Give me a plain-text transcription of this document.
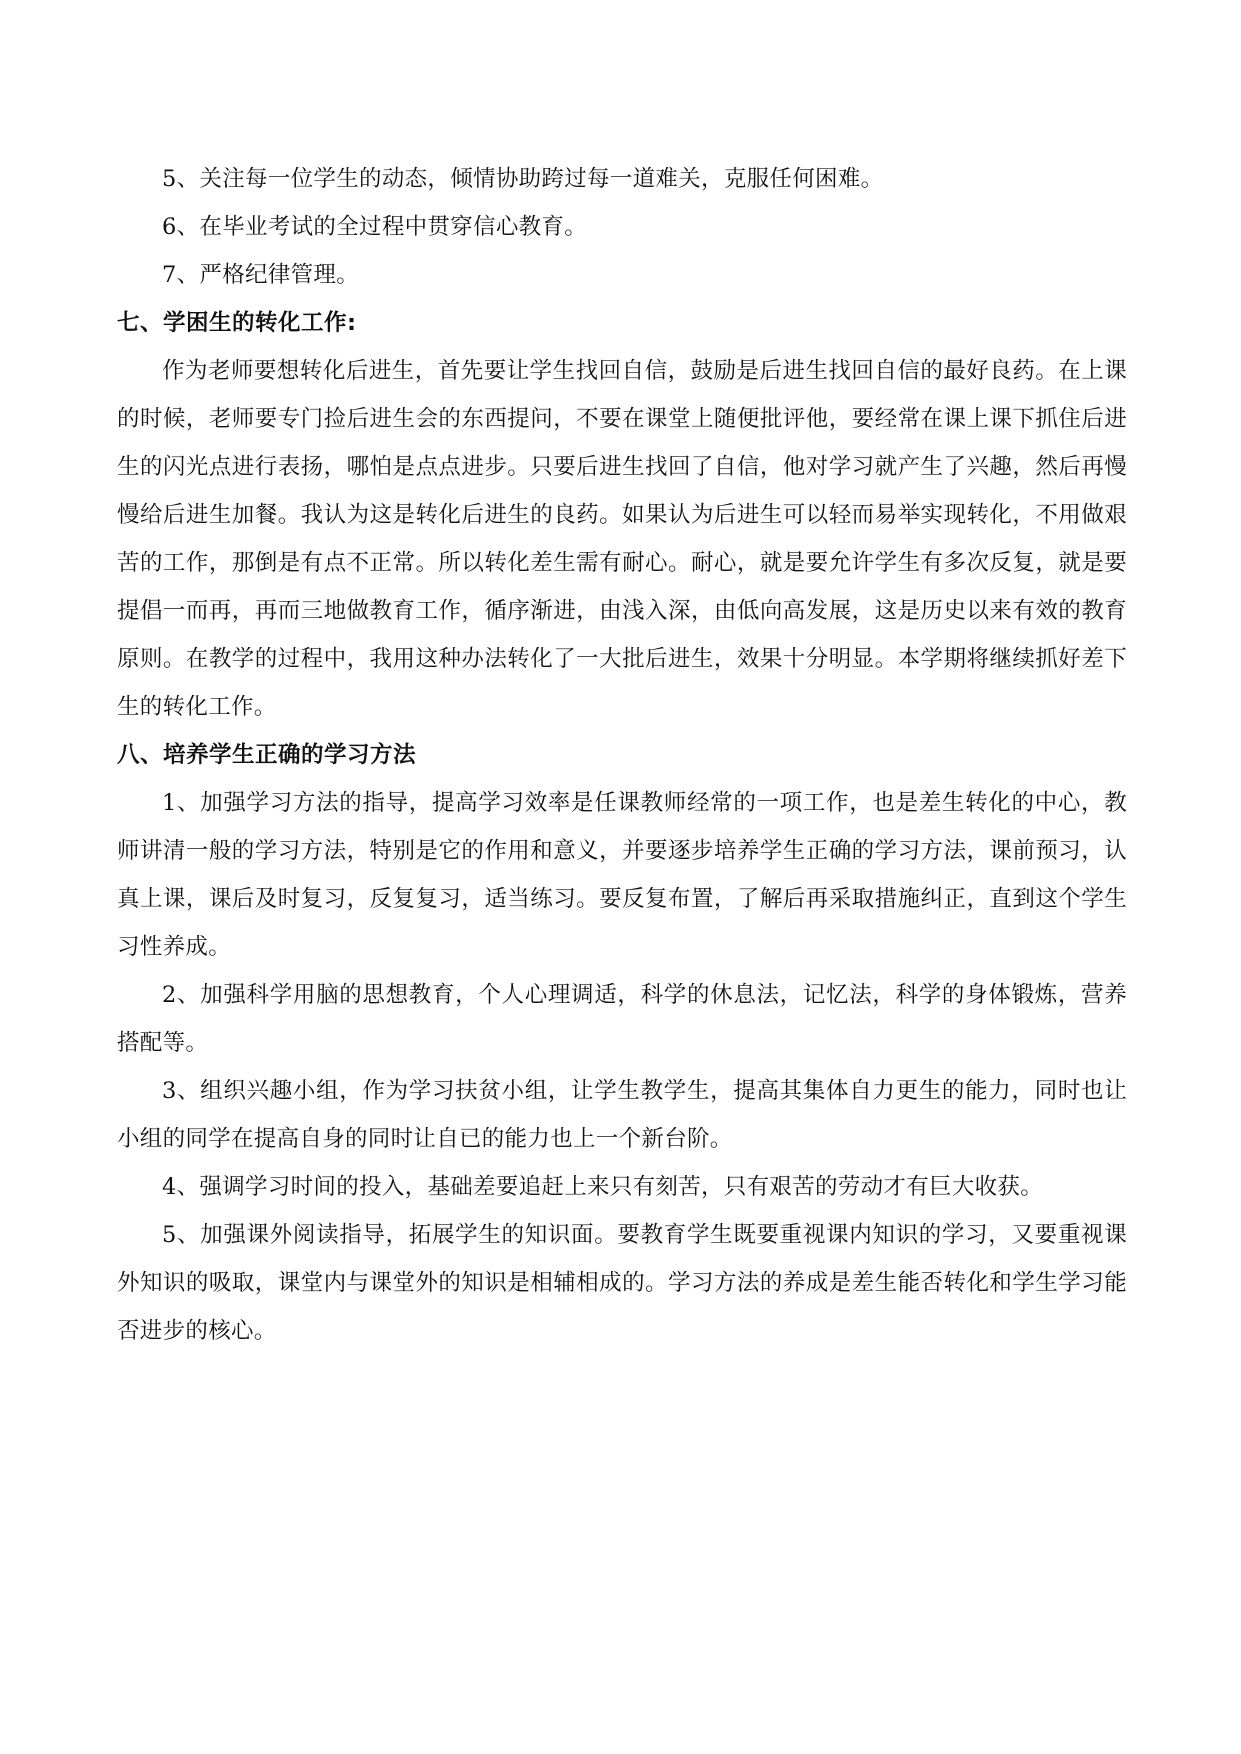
5、关注每一位学生的动态，倾情协助跨过每一道难关，克服任何困难。

6、在毕业考试的全过程中贯穿信心教育。

7、严格纪律管理。

七、学困生的转化工作:

作为老师要想转化后进生，首先要让学生找回自信，鼓励是后进生找回自信的最好良药。在上课的时候，老师要专门捡后进生会的东西提问，不要在课堂上随便批评他，要经常在课上课下抓住后进生的闪光点进行表扬，哪怕是点点进步。只要后进生找回了自信，他对学习就产生了兴趣，然后再慢慢给后进生加餐。我认为这是转化后进生的良药。如果认为后进生可以轻而易举实现转化，不用做艰苦的工作，那倒是有点不正常。所以转化差生需有耐心。耐心，就是要允许学生有多次反复，就是要提倡一而再，再而三地做教育工作，循序渐进，由浅入深，由低向高发展，这是历史以来有效的教育原则。在教学的过程中，我用这种办法转化了一大批后进生，效果十分明显。本学期将继续抓好差下生的转化工作。

八、培养学生正确的学习方法

1、加强学习方法的指导，提高学习效率是任课教师经常的一项工作，也是差生转化的中心，教师讲清一般的学习方法，特别是它的作用和意义，并要逐步培养学生正确的学习方法，课前预习，认真上课，课后及时复习，反复复习，适当练习。要反复布置，了解后再采取措施纠正，直到这个学生习性养成。

2、加强科学用脑的思想教育，个人心理调适，科学的休息法，记忆法，科学的身体锻炼，营养搭配等。

3、组织兴趣小组，作为学习扶贫小组，让学生教学生，提高其集体自力更生的能力，同时也让小组的同学在提高自身的同时让自已的能力也上一个新台阶。

4、强调学习时间的投入，基础差要追赶上来只有刻苦，只有艰苦的劳动才有巨大收获。

5、加强课外阅读指导，拓展学生的知识面。要教育学生既要重视课内知识的学习，又要重视课外知识的吸取，课堂内与课堂外的知识是相辅相成的。学习方法的养成是差生能否转化和学生学习能否进步的核心。
